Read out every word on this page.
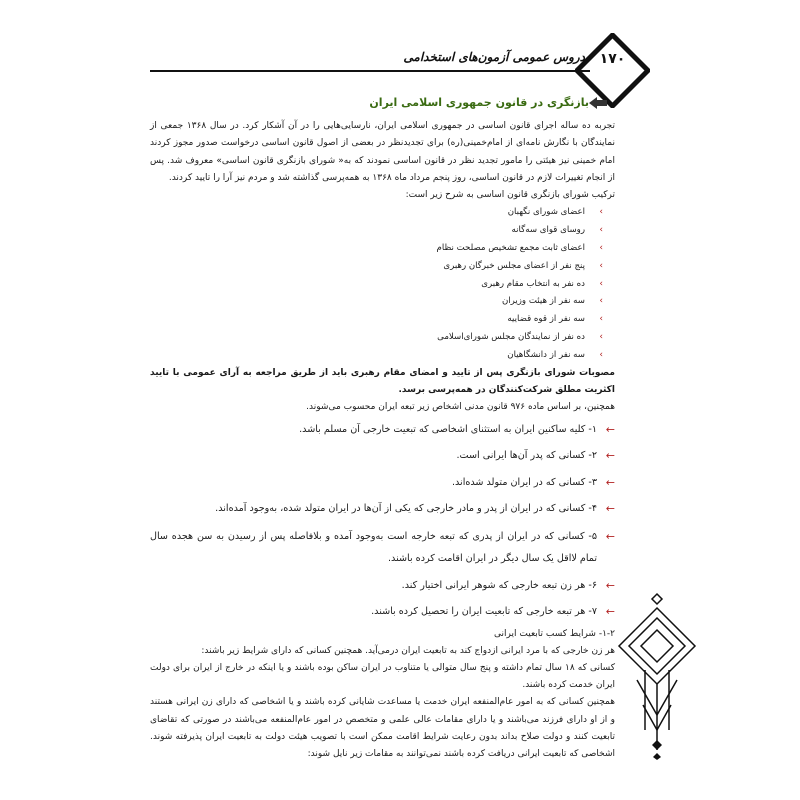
دروس عمومی آزمون‌های استخدامی	۱۷۰
بازنگری در قانون جمهوری اسلامی ایران

تجربه ده ساله اجرای قانون اساسی در جمهوری اسلامی ایران، نارسایی‌هایی را در آن آشکار کرد. در سال ۱۳۶۸ جمعی از نمایندگان با نگارش نامه‌ای از امام‌خمینی(ره) برای تجدیدنظر در بعضی از اصول قانون اساسی درخواست صدور مجوز کردند امام خمینی نیز هیئتی را مامور تجدید نظر در قانون اساسی نمودند که به« شورای بازنگری قانون اساسی» معروف شد. پس از انجام تغییرات لازم در قانون اساسی، روز پنجم مرداد ماه ۱۳۶۸ به همه‌پرسی گذاشته شد و مردم نیز آرا را تایید کردند.

ترکیب شورای بازنگری قانون اساسی به شرح زیر است:

›
اعضای شورای نگهبان
›
روسای قوای سه‌گانه
›
اعضای ثابت مجمع تشخیص مصلحت نظام
›
پنج نفر از اعضای مجلس خبرگان رهبری
›
ده نفر به انتخاب مقام رهبری
›
سه نفر از هیئت وزیران
›
سه نفر از قوه قضاییه
›
ده نفر از نمایندگان مجلس شورای‌اسلامی
›
سه نفر از دانشگاهیان

مصوبات شورای بازنگری پس از تایید و امضای مقام رهبری باید از طریق مراجعه به آرای عمومی با تایید اکثریت مطلق شرکت‌کنندگان در همه‌پرسی برسد.

همچنین، بر اساس ماده ۹۷۶ قانون مدنی اشخاص زیر تبعه ایران محسوب می‌شوند.

←
۱- کلیه ساکنین ایران به استثنای اشخاصی که تبعیت خارجی آن مسلم باشد.
←
۲- کسانی که پدر آن‌ها ایرانی است.
←
۳- کسانی که در ایران متولد شده‌اند.
←
۴- کسانی که در ایران از پدر و مادر خارجی که یکی از آن‌ها در ایران متولد شده، به‌وجود آمده‌اند.
←
۵- کسانی که در ایران از پدری که تبعه خارجه است به‌وجود آمده و بلافاصله پس از رسیدن به سن هجده سال تمام لااقل یک سال دیگر در ایران اقامت کرده باشند.
←
۶- هر زن تبعه خارجی که شوهر ایرانی اختیار کند.
←
۷- هر تبعه خارجی که تابعیت ایران را تحصیل کرده باشند.

۱-۲- شرایط کسب تابعیت ایرانی

هر زن خارجی که با مرد ایرانی ازدواج کند به تابعیت ایران درمی‌آید. همچنین کسانی که دارای شرایط زیر باشند:

کسانی که ۱۸ سال تمام داشته و پنج سال متوالی یا متناوب در ایران ساکن بوده باشند و یا اینکه در خارج از ایران برای دولت ایران خدمت کرده باشند.

همچنین کسانی که به امور عام‌المنفعه ایران خدمت یا مساعدت شایانی کرده باشند و یا اشخاصی که دارای زن ایرانی هستند و از او دارای فرزند می‌باشند و یا دارای مقامات عالی علمی و متخصص در امور عام‌المنفعه می‌باشند در صورتی که تقاضای تابعیت کنند و دولت صلاح بداند بدون رعایت شرایط اقامت ممکن است با تصویب هیئت دولت به تابعیت ایران پذیرفته شوند. اشخاصی که تابعیت ایرانی دریافت کرده باشند نمی‌توانند به مقامات زیر نایل شوند:
